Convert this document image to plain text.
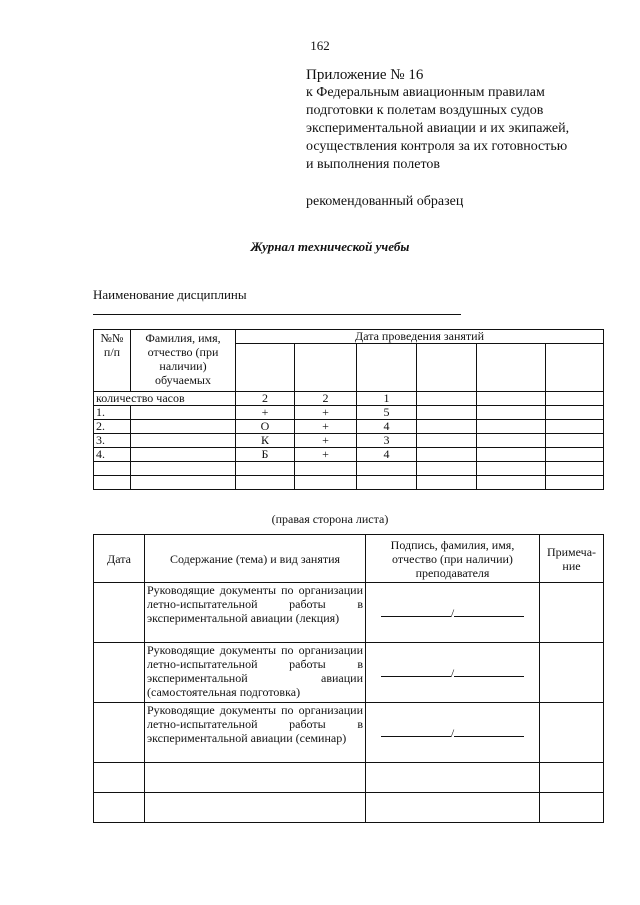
162
Приложение № 16
к Федеральным авиационным правилам
подготовки к полетам воздушных судов
экспериментальной авиации и их экипажей,
осуществления контроля за их готовностью
и выполнения полетов
рекомендованный образец
Журнал технической учебы
Наименование дисциплины
№№ п/п	Фамилия, имя, отчество (при наличии) обучаемых	Дата проведения занятий					

количество часов		2	2	1			
1.		+	+	5			
2.		О	+	4			
3.		К	+	3			
4.		Б	+	4			

(правая сторона листа)
Дата	Содержание (тема) и вид занятия	Подпись, фамилия, имя, отчество (при наличии) преподавателя	Примеча-ние
	Руководящие документы по организации летно-испытательной работы в экспериментальной авиации (лекция)	/	
	Руководящие документы по организации летно-испытательной работы в экспериментальной авиации (самостоятельная подготовка)	/	
	Руководящие документы по организации летно-испытательной работы в экспериментальной авиации (семинар)	/	
